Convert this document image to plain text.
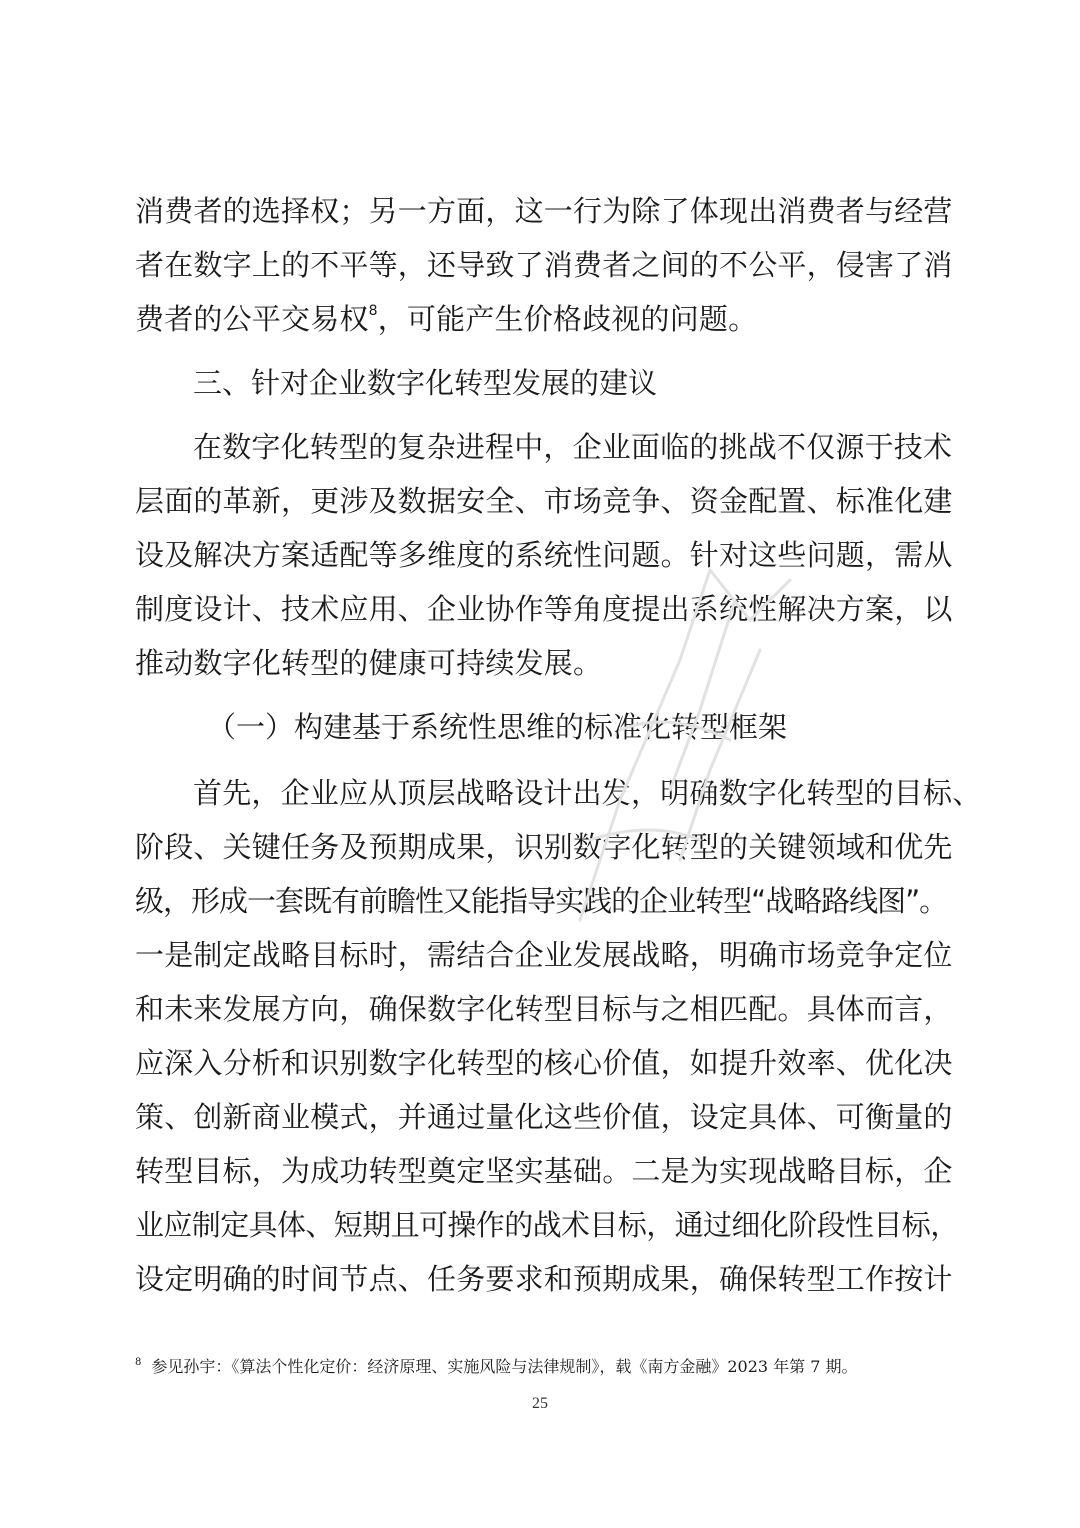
消费者的选择权；另一方面，这一行为除了体现出消费者与经营
者在数字上的不平等，还导致了消费者之间的不公平，侵害了消
费者的公平交易权$^8$，可能产生价格歧视的问题。
三、针对企业数字化转型发展的建议
在数字化转型的复杂进程中，企业面临的挑战不仅源于技术
层面的革新，更涉及数据安全、市场竞争、资金配置、标准化建
设及解决方案适配等多维度的系统性问题。针对这些问题，需从
制度设计、技术应用、企业协作等角度提出系统性解决方案，以
推动数字化转型的健康可持续发展。
（一）构建基于系统性思维的标准化转型框架
首先，企业应从顶层战略设计出发，明确数字化转型的目标、
阶段、关键任务及预期成果，识别数字化转型的关键领域和优先
级，形成一套既有前瞻性又能指导实践的企业转型“战略路线图”。
一是制定战略目标时，需结合企业发展战略，明确市场竞争定位
和未来发展方向，确保数字化转型目标与之相匹配。具体而言，
应深入分析和识别数字化转型的核心价值，如提升效率、优化决
策、创新商业模式，并通过量化这些价值，设定具体、可衡量的
转型目标，为成功转型奠定坚实基础。二是为实现战略目标，企
业应制定具体、短期且可操作的战术目标，通过细化阶段性目标，
设定明确的时间节点、任务要求和预期成果，确保转型工作按计
$^8$ 参见孙宇：《算法个性化定价：经济原理、实施风险与法律规制》，载《南方金融》2023 年第 7 期。
25
